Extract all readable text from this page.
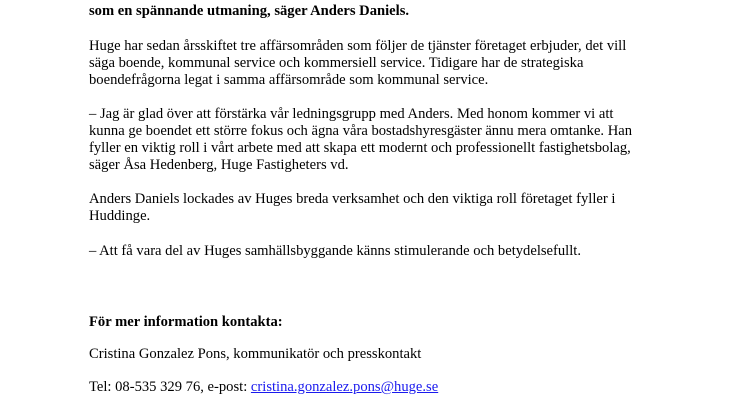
som en spännande utmaning, säger Anders Daniels.
Huge har sedan årsskiftet tre affärsområden som följer de tjänster företaget erbjuder, det vill
säga boende, kommunal service och kommersiell service. Tidigare har de strategiska
boendefrågorna legat i samma affärsområde som kommunal service.
– Jag är glad över att förstärka vår ledningsgrupp med Anders. Med honom kommer vi att
kunna ge boendet ett större fokus och ägna våra bostadshyresgäster ännu mera omtanke. Han
fyller en viktig roll i vårt arbete med att skapa ett modernt och professionellt fastighetsbolag,
säger Åsa Hedenberg, Huge Fastigheters vd.
Anders Daniels lockades av Huges breda verksamhet och den viktiga roll företaget fyller i
Huddinge.
– Att få vara del av Huges samhällsbyggande känns stimulerande och betydelsefullt.
För mer information kontakta:
Cristina Gonzalez Pons, kommunikatör och presskontakt
Tel: 08-535 329 76, e-post: cristina.gonzalez.pons@huge.se
